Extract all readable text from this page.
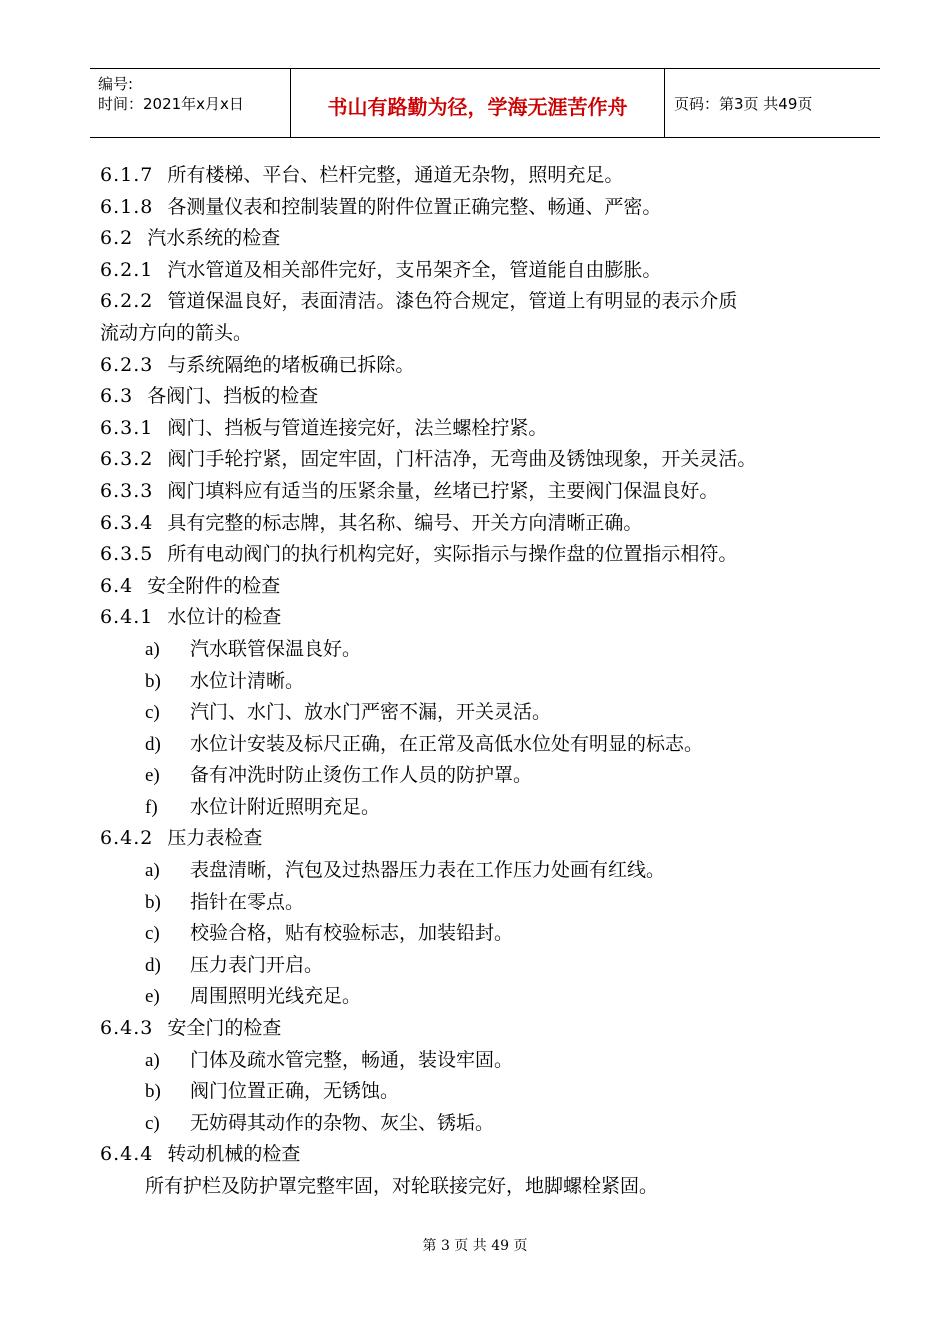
编号:
时间：2021年x月x日	书山有路勤为径，学海无涯苦作舟	页码：第3页 共49页
6.1.7 所有楼梯、平台、栏杆完整，通道无杂物，照明充足。
6.1.8 各测量仪表和控制装置的附件位置正确完整、畅通、严密。
6.2 汽水系统的检查
6.2.1 汽水管道及相关部件完好，支吊架齐全，管道能自由膨胀。
6.2.2 管道保温良好，表面清洁。漆色符合规定，管道上有明显的表示介质
流动方向的箭头。
6.2.3 与系统隔绝的堵板确已拆除。
6.3 各阀门、挡板的检查
6.3.1 阀门、挡板与管道连接完好，法兰螺栓拧紧。
6.3.2 阀门手轮拧紧，固定牢固，门杆洁净，无弯曲及锈蚀现象，开关灵活。
6.3.3 阀门填料应有适当的压紧余量，丝堵已拧紧，主要阀门保温良好。
6.3.4 具有完整的标志牌，其名称、编号、开关方向清晰正确。
6.3.5 所有电动阀门的执行机构完好，实际指示与操作盘的位置指示相符。
6.4 安全附件的检查
6.4.1 水位计的检查
a) 汽水联管保温良好。
b) 水位计清晰。
c) 汽门、水门、放水门严密不漏，开关灵活。
d) 水位计安装及标尺正确，在正常及高低水位处有明显的标志。
e) 备有冲洗时防止烫伤工作人员的防护罩。
f) 水位计附近照明充足。
6.4.2 压力表检查
a) 表盘清晰，汽包及过热器压力表在工作压力处画有红线。
b) 指针在零点。
c) 校验合格，贴有校验标志，加装铅封。
d) 压力表门开启。
e) 周围照明光线充足。
6.4.3 安全门的检查
a) 门体及疏水管完整，畅通，装设牢固。
b) 阀门位置正确，无锈蚀。
c) 无妨碍其动作的杂物、灰尘、锈垢。
6.4.4 转动机械的检查
所有护栏及防护罩完整牢固，对轮联接完好，地脚螺栓紧固。
第 3 页 共 49 页
